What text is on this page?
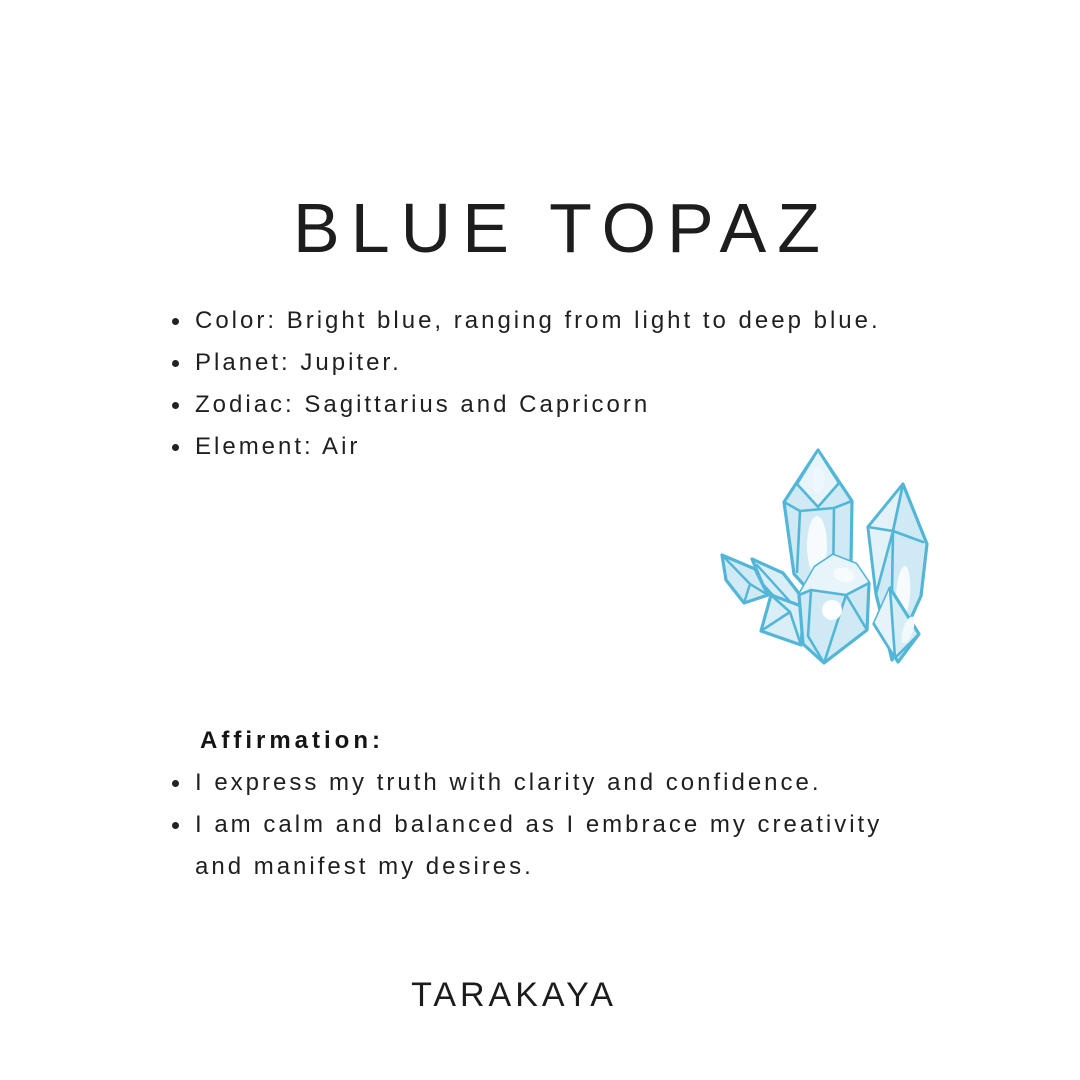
BLUE TOPAZ
Color: Bright blue, ranging from light to deep blue.
Planet: Jupiter.
Zodiac: Sagittarius and Capricorn
Element: Air
Affirmation:
I express my truth with clarity and confidence.
I am calm and balanced as I embrace my creativity and manifest my desires.
TARAKAYA
